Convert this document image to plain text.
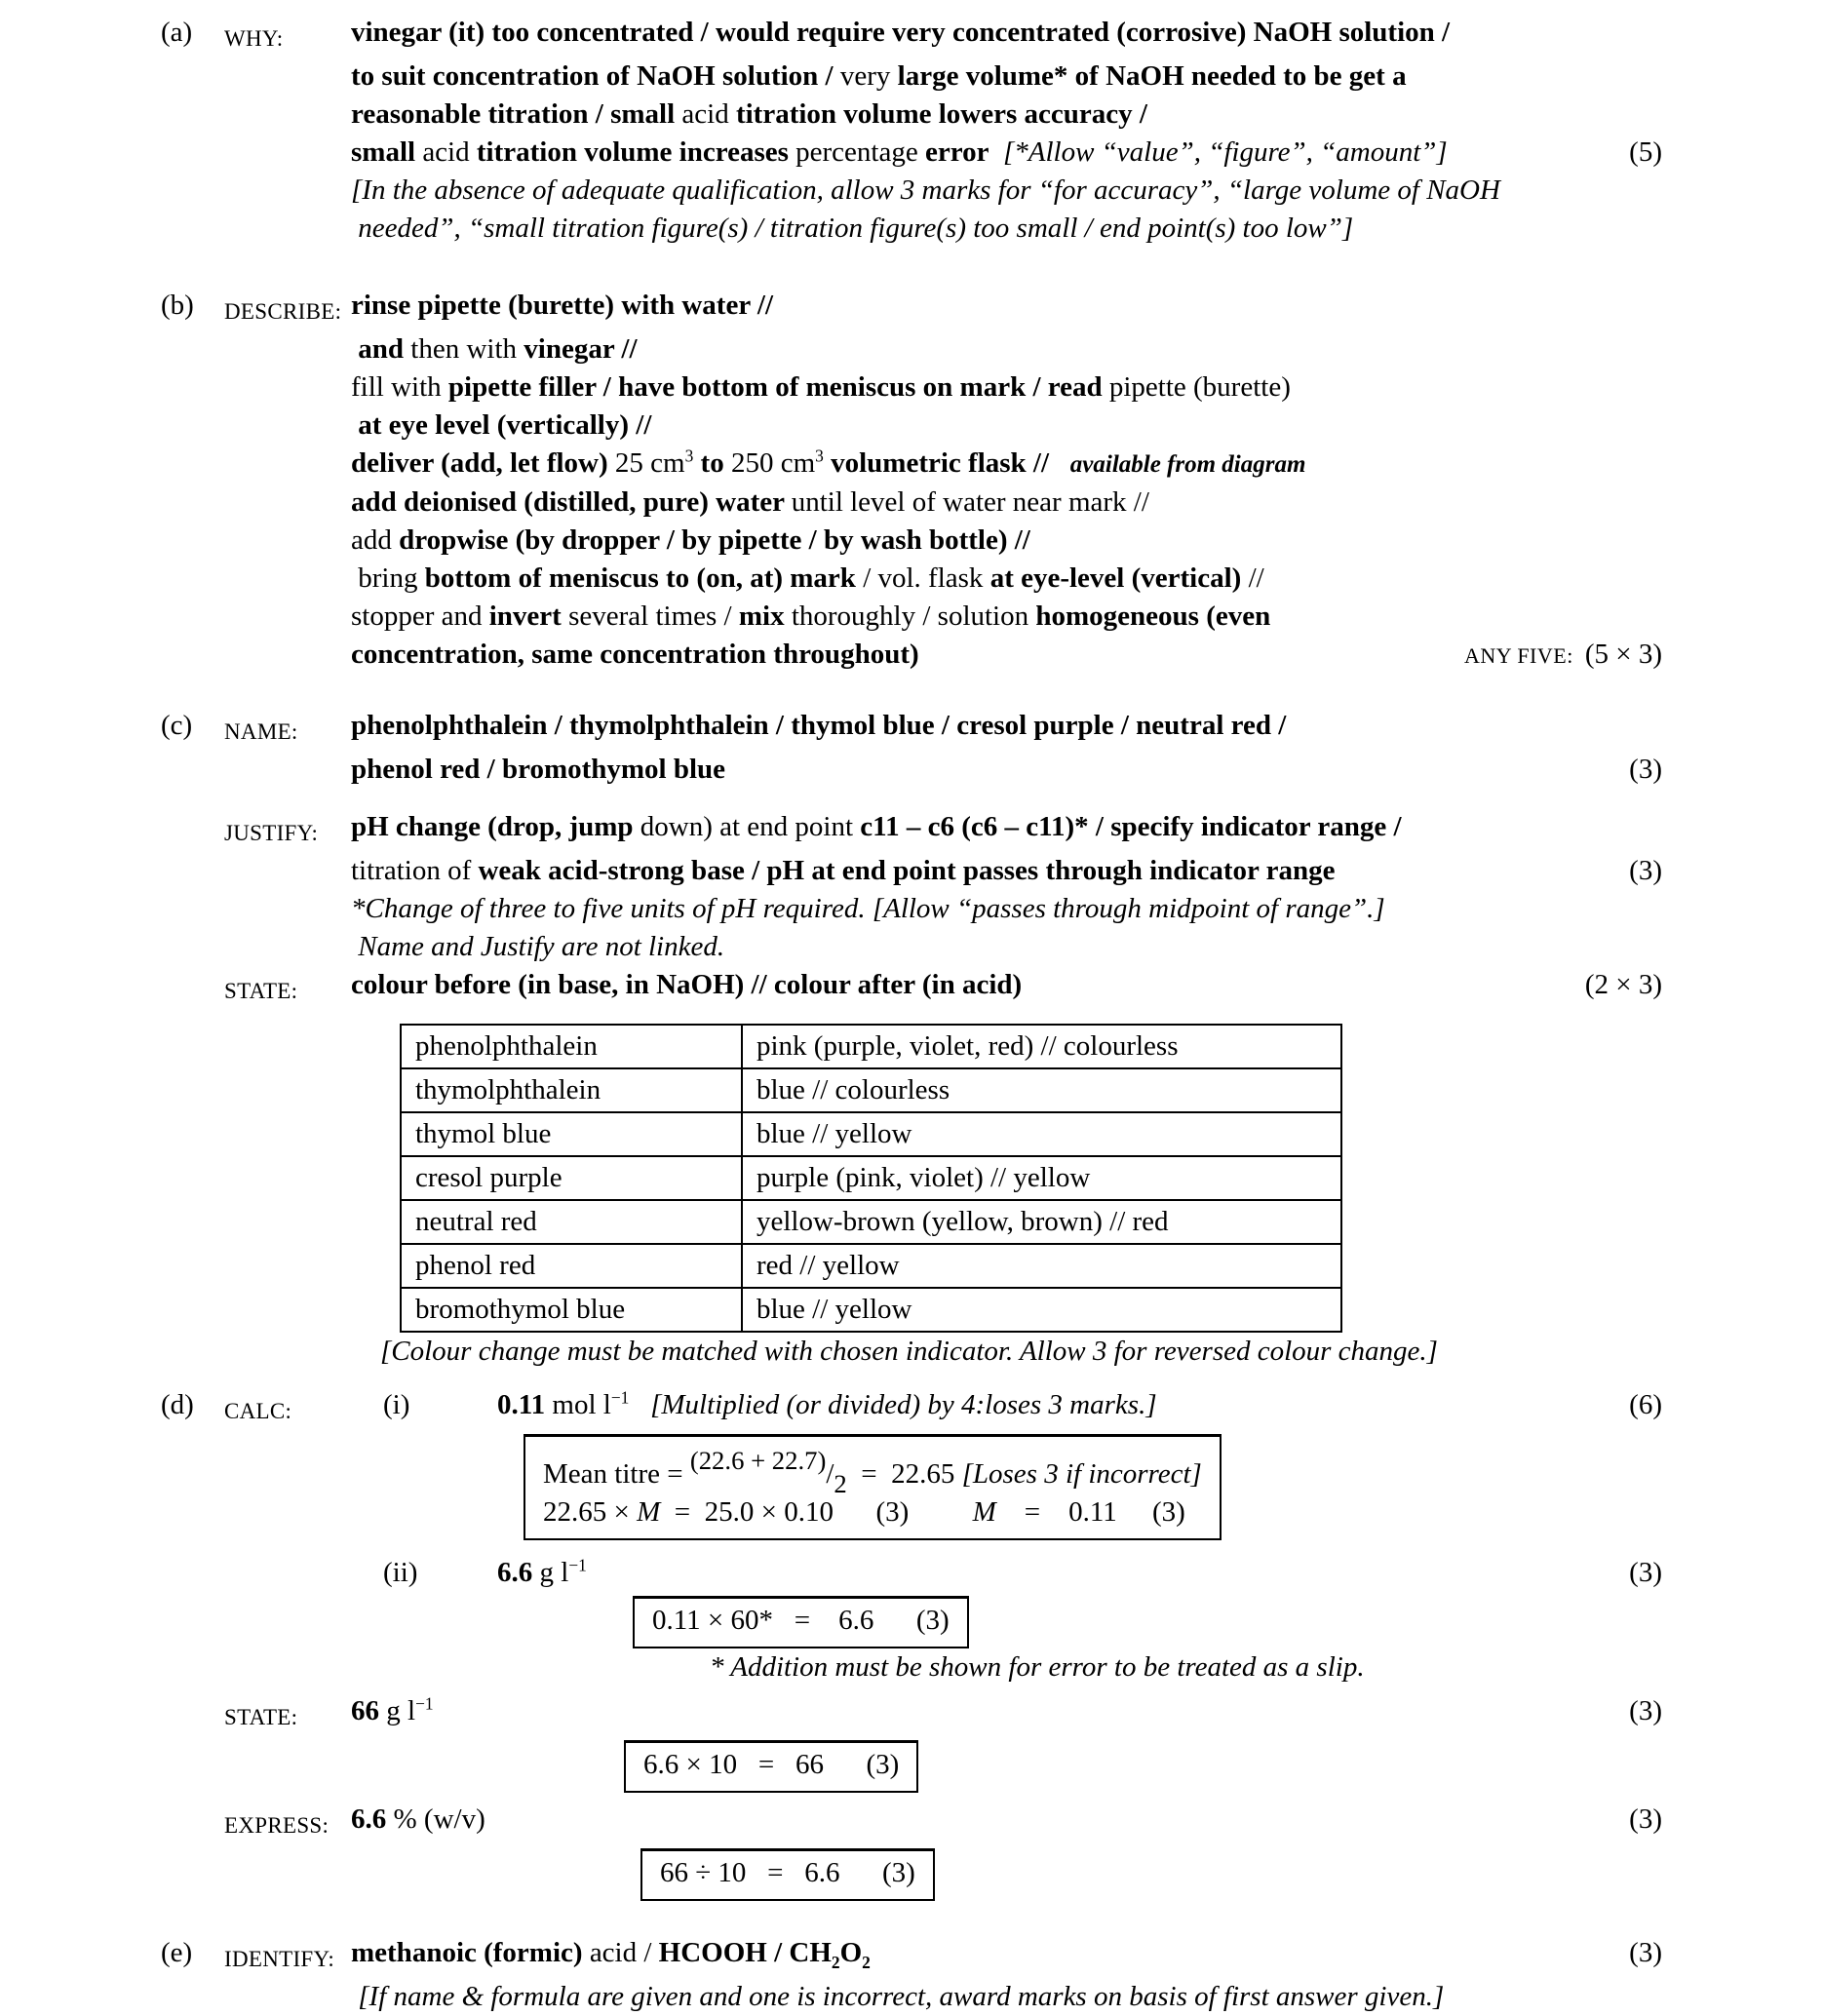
(a)	WHY:	vinegar (it) too concentrated / would require very concentrated (corrosive) NaOH solution /
to suit concentration of NaOH solution / very large volume* of NaOH needed to be get a
reasonable titration / small acid titration volume lowers accuracy /
small acid titration volume increases percentage error [*Allow “value”, “figure”, “amount”]	(5)
[In the absence of adequate qualification, allow 3 marks for “for accuracy”, “large volume of NaOH
needed”, “small titration figure(s) / titration figure(s) too small / end point(s) too low”]
(b)	DESCRIBE: rinse pipette (burette) with water //
and then with vinegar //
fill with pipette filler / have bottom of meniscus on mark / read pipette (burette)
at eye level (vertically) //
deliver (add, let flow) 25 $cm^3$ to 250 $cm^3$ volumetric flask // available from diagram
add deionised (distilled, pure) water until level of water near mark //
add dropwise (by dropper / by pipette / by wash bottle) //
bring bottom of meniscus to (on, at) mark / vol. flask at eye-level (vertical) //
stopper and invert several times / mix thoroughly / solution homogeneous (even
concentration, same concentration throughout)	ANY FIVE: (5 × 3)
(c)	NAME:	phenolphthalein / thymolphthalein / thymol blue / cresol purple / neutral red /
phenol red / bromothymol blue	(3)
JUSTIFY:	pH change (drop, jump down) at end point c11 – c6 (c6 – c11)* / specify indicator range /
titration of weak acid-strong base / pH at end point passes through indicator range	(3)
*Change of three to five units of pH required. [Allow “passes through midpoint of range”.]
Name and Justify are not linked.
STATE:	colour before (in base, in NaOH) // colour after (in acid)	(2 × 3)
phenolphthalein	pink (purple, violet, red) // colourless
thymolphthalein	blue // colourless
thymol blue	blue // yellow
cresol purple	purple (pink, violet) // yellow
neutral red	yellow-brown (yellow, brown) // red
phenol red	red // yellow
bromothymol blue	blue // yellow
[Colour change must be matched with chosen indicator. Allow 3 for reversed colour change.]
(d)	CALC:	(i)	0.11 mol $l^{-1}$ [Multiplied (or divided) by 4:loses 3 marks.]	(6)
Mean titre = (22.6 + 22.7)/2  =  22.65 [Loses 3 if incorrect]
22.65 × M  =  25.0 × 0.10      (3)         M    =    0.11     (3)
(ii)	6.6 g $l^{-1}$	(3)
0.11 × 60*   =    6.6      (3)
* Addition must be shown for error to be treated as a slip.
STATE:	66 g $l^{-1}$	(3)
6.6 × 10   =   66      (3)
EXPRESS: 6.6 % (w/v)	(3)
66 ÷ 10   =   6.6      (3)
(e)	IDENTIFY: methanoic (formic) acid / HCOOH / $CH_2O_2$	(3)
[If name & formula are given and one is incorrect, award marks on basis of first answer given.]
